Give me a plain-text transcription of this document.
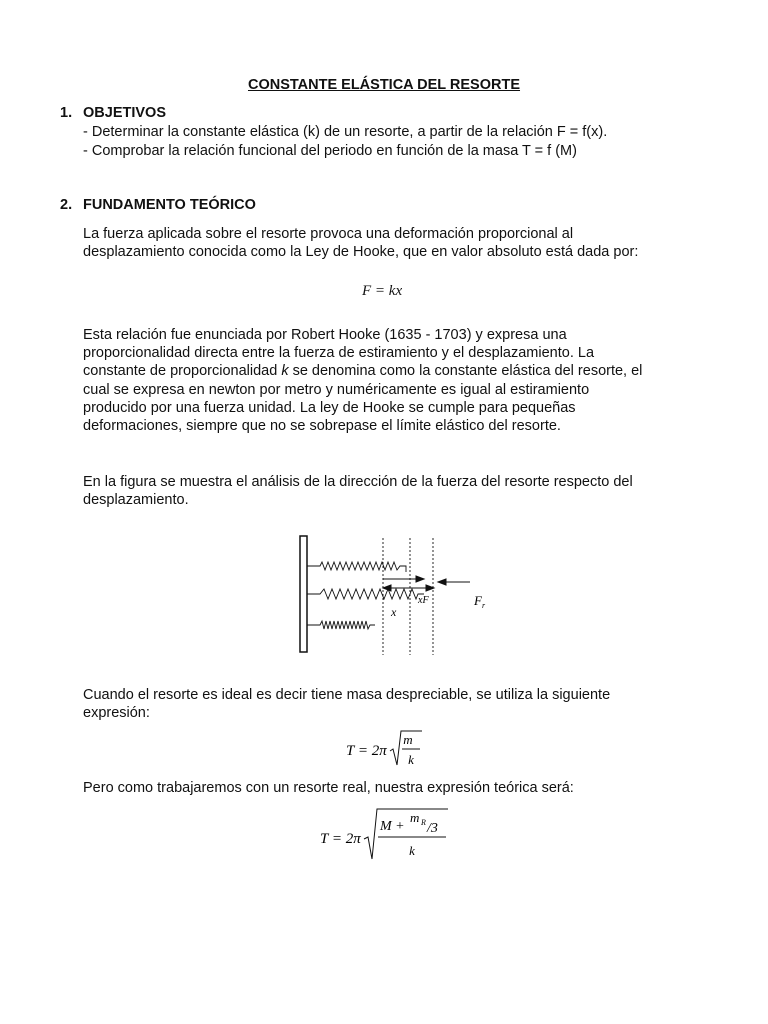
CONSTANTE ELÁSTICA DEL RESORTE
1. OBJETIVOS
- Determinar la constante elástica (k) de un resorte, a partir de la relación F = f(x).
- Comprobar la relación funcional del periodo en función de la masa T = f (M)
2. FUNDAMENTO TEÓRICO

La fuerza aplicada sobre el resorte provoca una deformación proporcional al

desplazamiento conocida como la Ley de Hooke, que en valor absoluto está dada por:

F = kx

Esta relación fue enunciada por Robert Hooke (1635 - 1703) y expresa una

proporcionalidad directa entre la fuerza de estiramiento y el desplazamiento. La

constante de proporcionalidad k se denomina como la constante elástica del resorte, el

cual se expresa en newton por metro y numéricamente es igual al estiramiento

producido por una fuerza unidad. La ley de Hooke se cumple para pequeñas

deformaciones, siempre que no se sobrepase el límite elástico del resorte.

En la figura se muestra el análisis de la dirección de la fuerza del resorte respecto del

desplazamiento.

x
xF	F r

Cuando el resorte es ideal es decir tiene masa despreciable, se utiliza la siguiente

expresión:

T = 2π
m
k
Pero como trabajaremos con un resorte real, nuestra expresión teórica será:
T = 2π
M +
m R /3
k
